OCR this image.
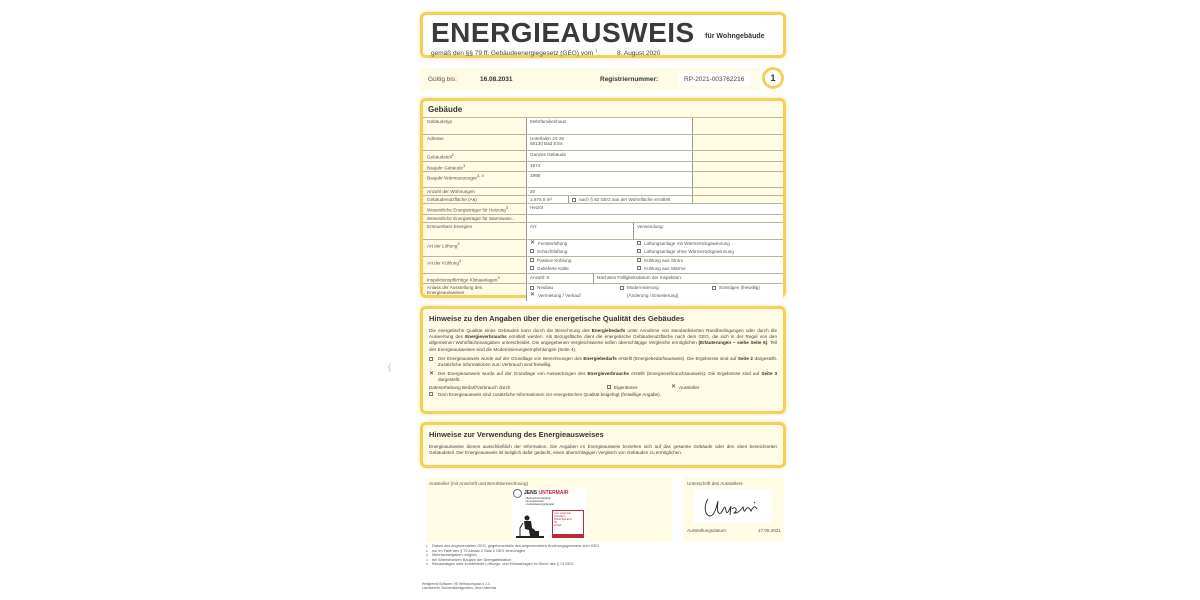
(
ENERGIEAUSWEIS für Wohngebäude
gemäß den §§ 79 ff. Gebäudeenergiegesetz (GEG) vom $^1$	8. August 2020
Gültig bis:	16.08.2031	Registriernummer:	RP-2021-003762216	1
Gebäude
Gebäudetyp	Mehrfamilienhaus
Adresse	Unterlalen 24-26
56130 Bad Ems
Gebäudeteil$^2$	Ganzes Gebäude
Baujahr Gebäude$^3$	1974
Baujahr Wärmeerzeuger$^{3, 4}$	1995
Anzahl der Wohnungen	20
Gebäudenutzfläche (Aɴ)	1.675,0 m²	nach § 82 GEG aus der Wohnfläche ermittelt
Wesentliche Energieträger für Heizung$^3$	Heizöl
Wesentliche Energieträger für Warmwass...
Erneuerbare Energien	Art:	Verwendung:
Art der Lüftung$^3$	✕ Fensterlüftung	Lüftungsanlage mit Wärmerückgewinnung
Schachtlüftung	Lüftungsanlage ohne Wärmerückgewinnung
Art der Kühlung$^3$	Passive Kühlung	Kühlung aus Strom
Gelieferte Kälte	Kühlung aus Wärme
Inspektionspflichtige Klimaanlagen$^5$	Anzahl: 0	Nächstes Fälligkeitsdatum der Inspektion:
Anlass der Ausstellung des
Energieausweises
Neubau	Modernisierung	Sonstiges (freiwillig)
✕ Vermietung / Verkauf	(Änderung / Erweiterung)
Hinweise zu den Angaben über die energetische Qualität des Gebäudes
Die energetische Qualität eines Gebäudes kann durch die Berechnung des Energiebedarfs unter Annahme von standardisierten Randbedingungen oder durch die Auswertung des Energieverbrauchs ermittelt werden. Als Bezugsfläche dient die energetische Gebäudenutzfläche nach dem GEG, die sich in der Regel von den allgemeinen Wohnflächenangaben unterscheidet. Die angegebenen Vergleichswerte sollen überschlägige Vergleiche ermöglichen (Erläuterungen – siehe Seite 5). Teil des Energieausweises sind die Modernisierungsempfehlungen (Seite 4).
Der Energieausweis wurde auf der Grundlage von Berechnungen des Energiebedarfs erstellt (Energiebedarfsausweis). Die Ergebnisse sind auf Seite 2 dargestellt. Zusätzliche Informationen zum Verbrauch sind freiwillig.
✕ Der Energieausweis wurde auf der Grundlage von Auswertungen des Energieverbrauchs erstellt (Energieverbrauchsausweis). Die Ergebnisse sind auf Seite 3 dargestellt.
Datenerhebung Bedarf/Verbrauch durch	Eigentümer	✕ Aussteller
Dem Energieausweis sind zusätzliche Informationen zur energetischen Qualität beigefügt (freiwillige Angabe).
Hinweise zur Verwendung des Energieausweises
Energieausweise dienen ausschließlich der Information. Die Angaben im Energieausweis beziehen sich auf das gesamte Gebäude oder den oben bezeichneten Gebäudeteil. Der Energieausweis ist lediglich dafür gedacht, einen überschlägigen Vergleich von Gebäuden zu ermöglichen.
Aussteller (mit Anschrift und Berufsbezeichnung)
JENS UNTERMAIR
• Bausachverständiger
• Energieberater
• Gebäudeenergieberater
Jens Untermair
Unterlalen
56130 Bad Ems
Tel.
E-Mail
Unterschrift des Ausstellers
Ausstellungsdatum	17.08.2021
1	Datum des angewendeten GEG, gegebenenfalls des angewendeten Änderungsgesetzes zum GEG
2	nur im Falle des § 79 Absatz 2 Satz 2 GEG einzutragen
3	Mehrfachangaben möglich
4	bei Wärmenetzen Baujahr der Übergabestation
5	Klimaanlagen oder kombinierte Lüftungs- und Klimaanlagen im Sinne des § 74 GEG
Heidgrenrik Software, HS Verbrauchspass 4.1.4
Lizenziert für Sachverständigenbüro, Jens Untermair
